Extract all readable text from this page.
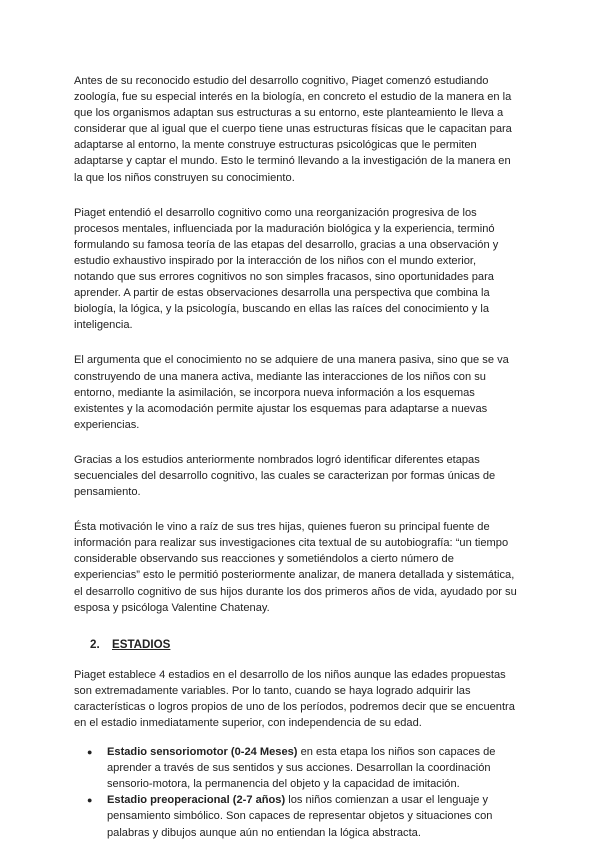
Antes de su reconocido estudio del desarrollo cognitivo, Piaget comenzó estudiando zoología, fue su especial interés en la biología, en concreto el estudio de la manera en la que los organismos adaptan sus estructuras a su entorno, este planteamiento le lleva a considerar que al igual que el cuerpo tiene unas estructuras físicas que le capacitan para adaptarse al entorno, la mente construye estructuras psicológicas que le permiten adaptarse y captar el mundo. Esto le terminó llevando a la investigación de la manera en la que los niños construyen su conocimiento.

Piaget entendió el desarrollo cognitivo como una reorganización progresiva de los procesos mentales, influenciada por la maduración biológica y la experiencia, terminó formulando su famosa teoría de las etapas del desarrollo, gracias a una observación y estudio exhaustivo inspirado por la interacción de los niños con el mundo exterior, notando que sus errores cognitivos no son simples fracasos, sino oportunidades para aprender. A partir de estas observaciones desarrolla una perspectiva que combina la biología, la lógica, y la psicología, buscando en ellas las raíces del conocimiento y la inteligencia.

El argumenta que el conocimiento no se adquiere de una manera pasiva, sino que se va construyendo de una manera activa, mediante las interacciones de los niños con su entorno, mediante la asimilación, se incorpora nueva información a los esquemas existentes y la acomodación permite ajustar los esquemas para adaptarse a nuevas experiencias.

Gracias a los estudios anteriormente nombrados logró identificar diferentes etapas secuenciales del desarrollo cognitivo, las cuales se caracterizan por formas únicas de pensamiento.

Ésta motivación le vino a raíz de sus tres hijas, quienes fueron su principal fuente de información para realizar sus investigaciones cita textual de su autobiografía: “un tiempo considerable observando sus reacciones y sometiéndolos a cierto número de experiencias” esto le permitió posteriormente analizar, de manera detallada y sistemática, el desarrollo cognitivo de sus hijos durante los dos primeros años de vida, ayudado por su esposa y psicóloga Valentine Chatenay.

2.	ESTADIOS

Piaget establece 4 estadios en el desarrollo de los niños aunque las edades propuestas son extremadamente variables. Por lo tanto, cuando se haya logrado adquirir las características o logros propios de uno de los períodos, podremos decir que se encuentra en el estadio inmediatamente superior, con independencia de su edad.

● Estadio sensoriomotor (0-24 Meses) en esta etapa los niños son capaces de aprender a través de sus sentidos y sus acciones. Desarrollan la coordinación sensorio-motora, la permanencia del objeto y la capacidad de imitación.
● Estadio preoperacional (2-7 años) los niños comienzan a usar el lenguaje y pensamiento simbólico. Son capaces de representar objetos y situaciones con palabras y dibujos aunque aún no entiendan la lógica abstracta.
